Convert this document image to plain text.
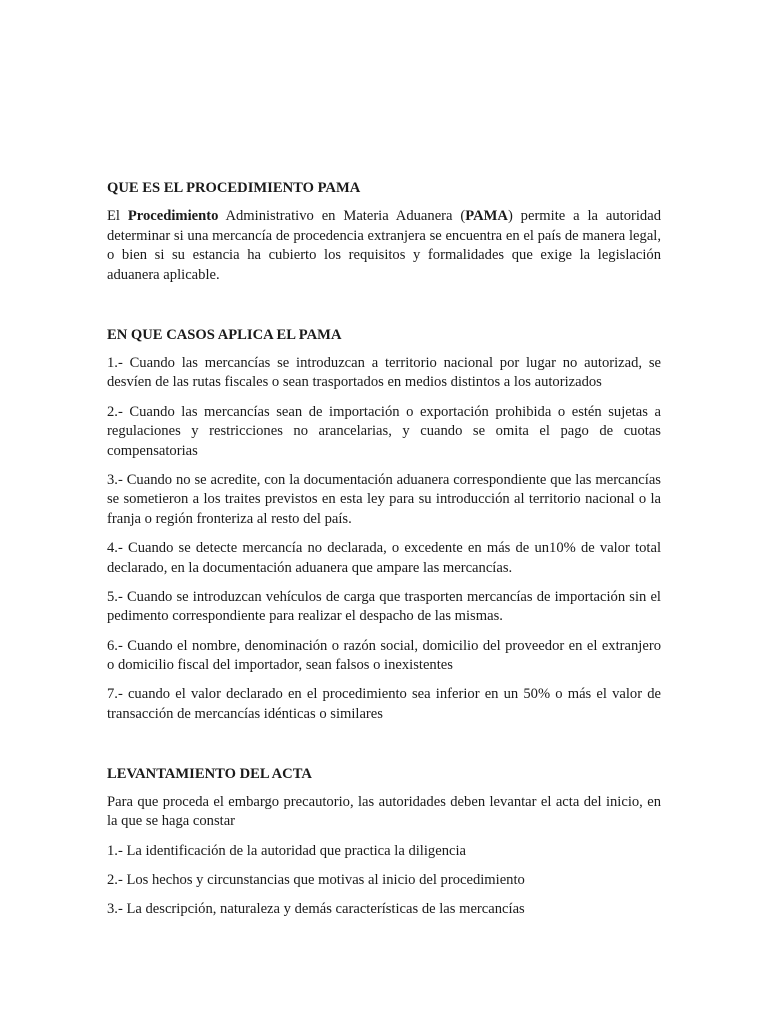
QUE ES EL PROCEDIMIENTO PAMA
El Procedimiento Administrativo en Materia Aduanera (PAMA) permite a la autoridad determinar si una mercancía de procedencia extranjera se encuentra en el país de manera legal, o bien si su estancia ha cubierto los requisitos y formalidades que exige la legislación aduanera aplicable.
EN QUE CASOS APLICA EL PAMA
1.- Cuando las mercancías se introduzcan a territorio nacional por lugar no autorizad, se desvíen de las rutas fiscales o sean trasportados en medios distintos a los autorizados
2.- Cuando las mercancías sean de importación o exportación prohibida o estén sujetas a regulaciones y restricciones no arancelarias, y cuando se omita el pago de cuotas compensatorias
3.- Cuando no se acredite, con la documentación aduanera correspondiente que las mercancías se sometieron a los traites previstos en esta ley para su introducción al territorio nacional o la franja o región fronteriza al resto del país.
4.- Cuando se detecte mercancía no declarada, o excedente en más de un10% de valor total declarado, en la documentación aduanera que ampare las mercancías.
5.- Cuando se introduzcan vehículos de carga que trasporten mercancías de importación sin el pedimento correspondiente para realizar el despacho de las mismas.
6.- Cuando el nombre, denominación o razón social, domicilio del proveedor en el extranjero o domicilio fiscal del importador, sean falsos o inexistentes
7.- cuando el valor declarado en el procedimiento sea inferior en un 50% o más el valor de transacción de mercancías idénticas o similares
LEVANTAMIENTO DEL ACTA
Para que proceda el embargo precautorio, las autoridades deben levantar el acta del inicio, en la que se haga constar
1.- La identificación de la autoridad que practica la diligencia
2.- Los hechos y circunstancias que motivas al inicio del procedimiento
3.- La descripción, naturaleza y demás características de las mercancías
